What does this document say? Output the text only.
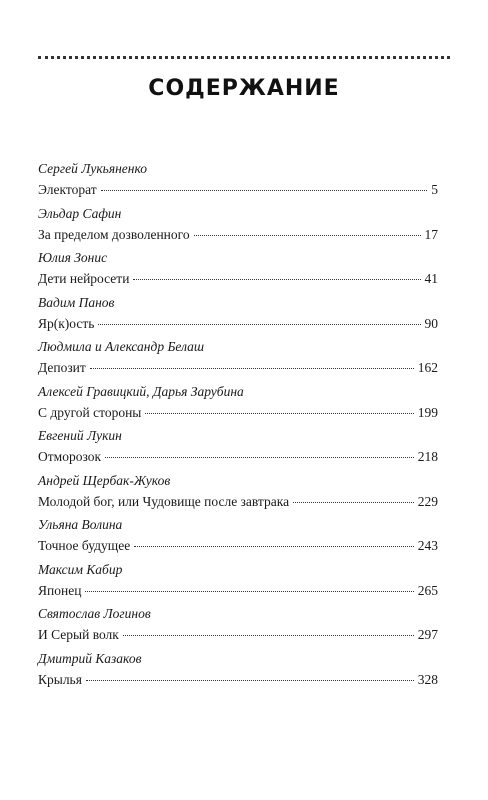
СОДЕРЖАНИЕ
Сергей Лукьяненко
Электорат	5
Эльдар Сафин
За пределом дозволенного	17
Юлия Зонис
Дети нейросети	41
Вадим Панов
Яр(к)ость	90
Людмила и Александр Белаш
Депозит	162
Алексей Гравицкий, Дарья Зарубина
С другой стороны	199
Евгений Лукин
Отморозок	218
Андрей Щербак-Жуков
Молодой бог, или Чудовище после завтрака	229
Ульяна Волина
Точное будущее	243
Максим Кабир
Японец	265
Святослав Логинов
И Серый волк	297
Дмитрий Казаков
Крылья	328
